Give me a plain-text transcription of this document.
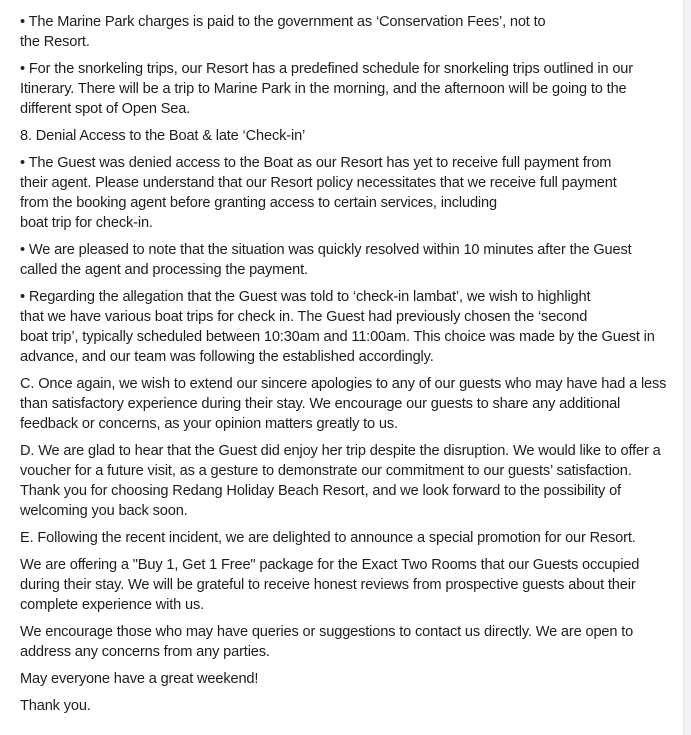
• The Marine Park charges is paid to the government as ‘Conservation Fees’, not to
the Resort.

• For the snorkeling trips, our Resort has a predefined schedule for snorkeling trips outlined in our Itinerary. There will be a trip to Marine Park in the morning, and the afternoon will be going to the different spot of Open Sea.

8. Denial Access to the Boat & late ‘Check-in’

• The Guest was denied access to the Boat as our Resort has yet to receive full payment from their agent. Please understand that our Resort policy necessitates that we receive full payment from the booking agent before granting access to certain services, including
boat trip for check-in.

• We are pleased to note that the situation was quickly resolved within 10 minutes after the Guest called the agent and processing the payment.

• Regarding the allegation that the Guest was told to ‘check-in lambat’, we wish to highlight
that we have various boat trips for check in. The Guest had previously chosen the ‘second
boat trip’, typically scheduled between 10:30am and 11:00am. This choice was made by the Guest in advance, and our team was following the established accordingly.

C. Once again, we wish to extend our sincere apologies to any of our guests who may have had a less than satisfactory experience during their stay. We encourage our guests to share any additional feedback or concerns, as your opinion matters greatly to us.

D. We are glad to hear that the Guest did enjoy her trip despite the disruption. We would like to offer a voucher for a future visit, as a gesture to demonstrate our commitment to our guests’ satisfaction. Thank you for choosing Redang Holiday Beach Resort, and we look forward to the possibility of welcoming you back soon.

E. Following the recent incident, we are delighted to announce a special promotion for our Resort.

We are offering a "Buy 1, Get 1 Free" package for the Exact Two Rooms that our Guests occupied during their stay. We will be grateful to receive honest reviews from prospective guests about their complete experience with us.

We encourage those who may have queries or suggestions to contact us directly. We are open to address any concerns from any parties.

May everyone have a great weekend!

Thank you.
